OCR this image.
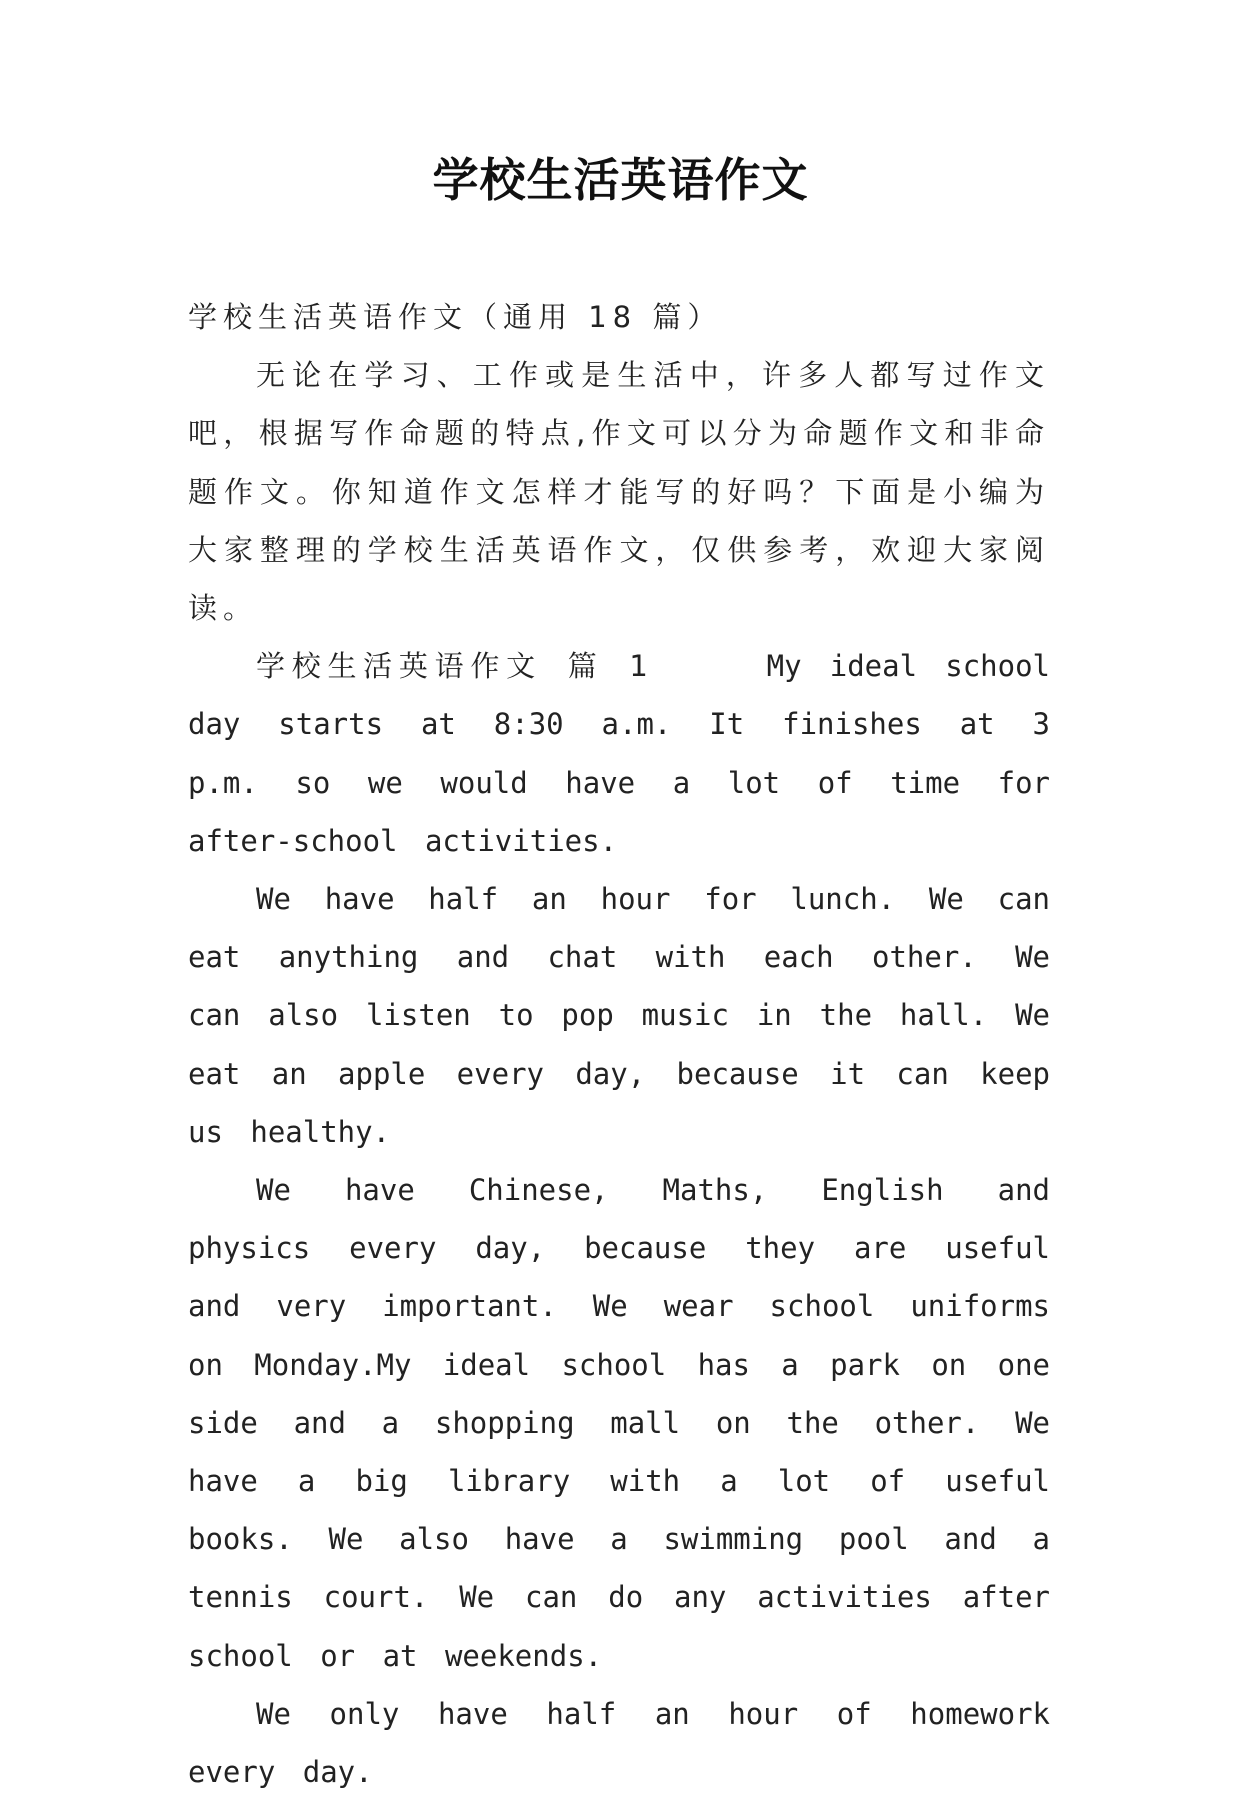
学校生活英语作文

学校生活英语作文（通用 18 篇）

无论在学习、工作或是生活中，许多人都写过作文吧，根据写作命题的特点,作文可以分为命题作文和非命题作文。你知道作文怎样才能写的好吗？下面是小编为大家整理的学校生活英语作文，仅供参考，欢迎大家阅读。

学校生活英语作文 篇 1	My ideal school day starts at 8:30 a.m. It finishes at 3 p.m. so we would have a lot of time for after-school activities.

We have half an hour for lunch. We can eat anything and chat with each other. We can also listen to pop music in the hall. We eat an apple every day, because it can keep us healthy.

We have Chinese, Maths, English and physics every day, because they are useful and very important. We wear school uniforms on Monday.My ideal school has a park on one side and a shopping mall on the other. We have a big library with a lot of useful books. We also have a swimming pool and a tennis court. We can do any activities after school or at weekends.

We only have half an hour of homework every day.
